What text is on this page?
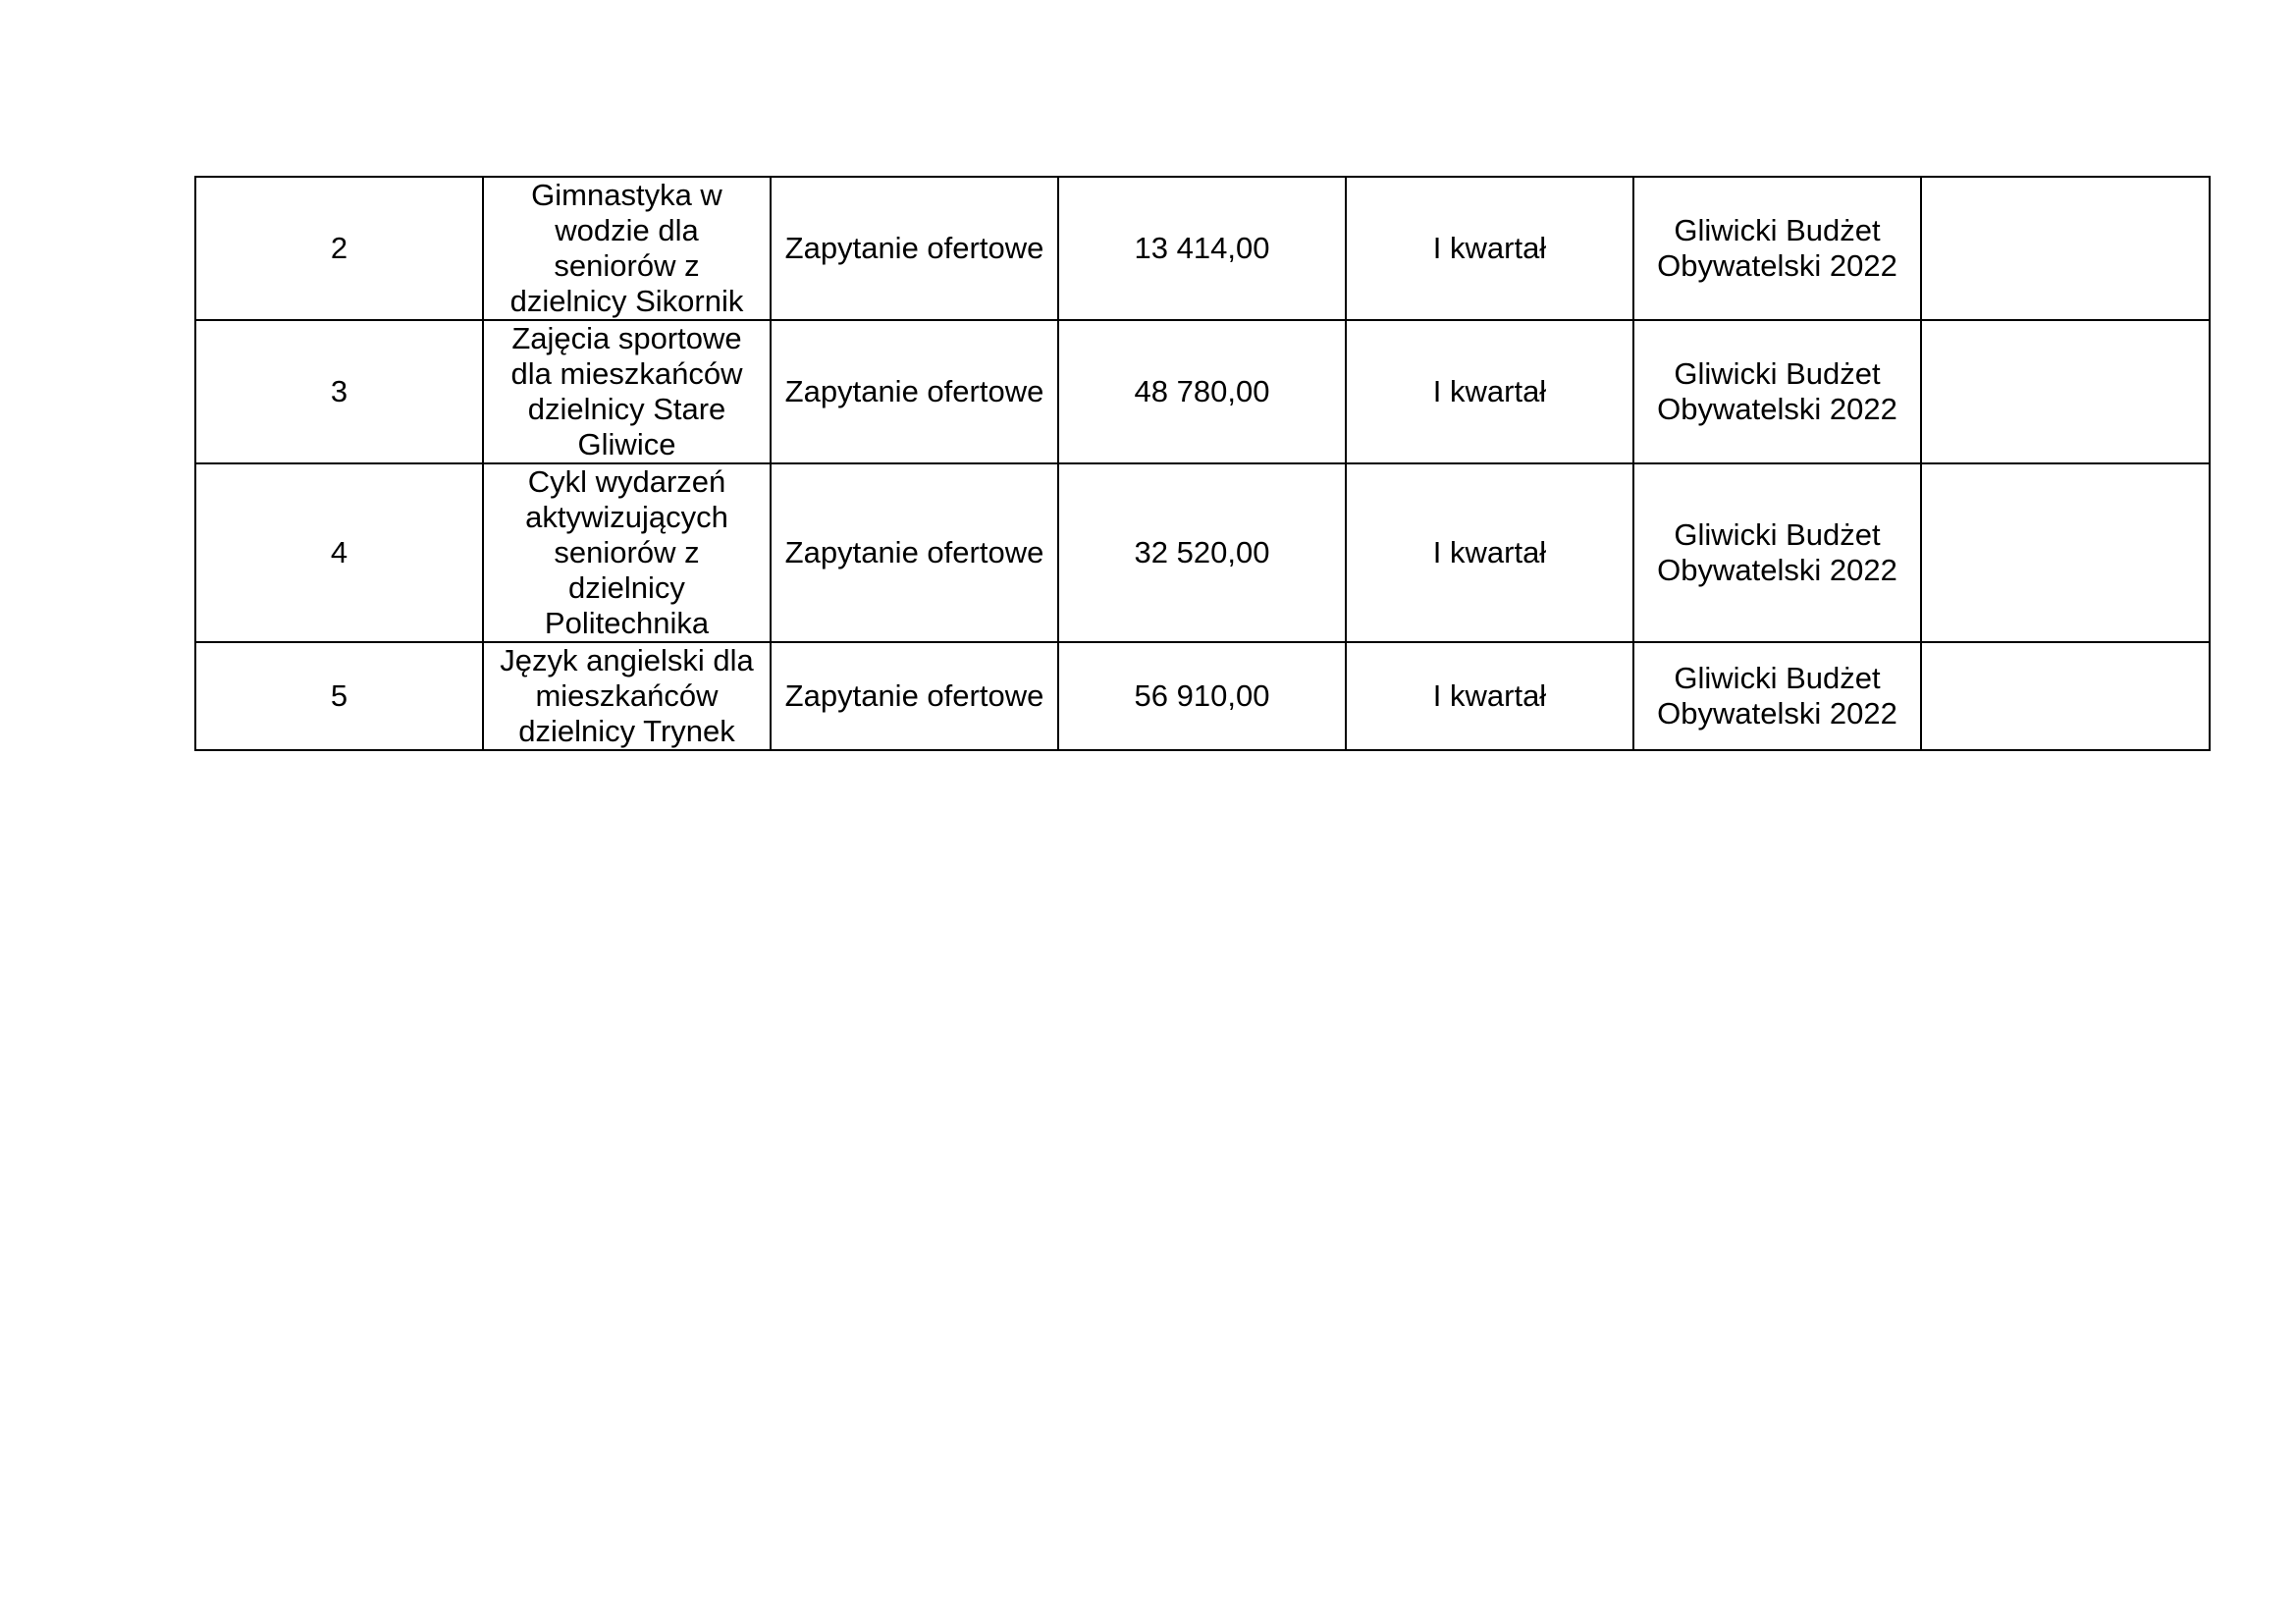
2	Gimnastyka w
wodzie dla
seniorów z
dzielnicy Sikornik	Zapytanie ofertowe	13 414,00	I kwartał	Gliwicki Budżet
Obywatelski 2022	
3	Zajęcia sportowe
dla mieszkańców
dzielnicy Stare
Gliwice	Zapytanie ofertowe	48 780,00	I kwartał	Gliwicki Budżet
Obywatelski 2022	
4	Cykl wydarzeń
aktywizujących
seniorów z
dzielnicy
Politechnika	Zapytanie ofertowe	32 520,00	I kwartał	Gliwicki Budżet
Obywatelski 2022	
5	Język angielski dla
mieszkańców
dzielnicy Trynek	Zapytanie ofertowe	56 910,00	I kwartał	Gliwicki Budżet
Obywatelski 2022	
